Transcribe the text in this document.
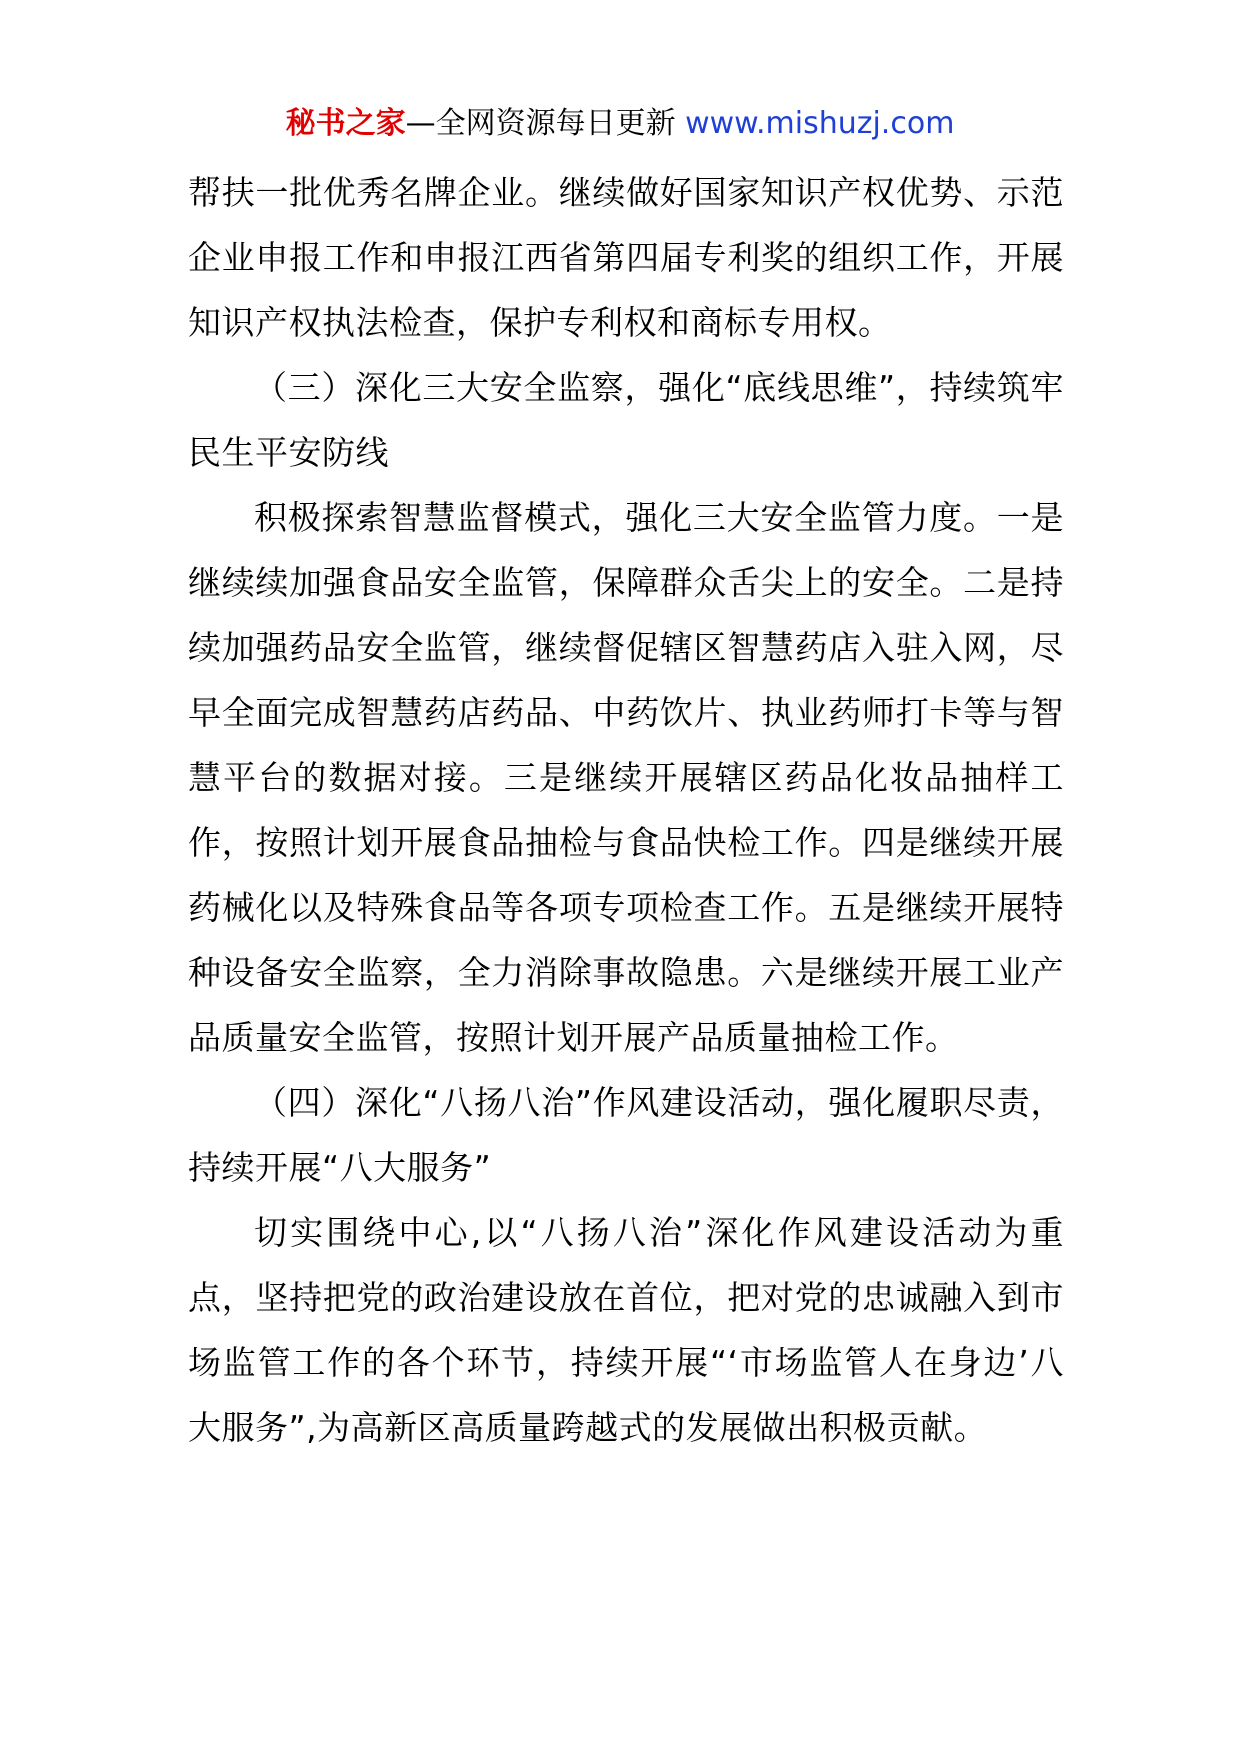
秘书之家—全网资源每日更新 www.mishuzj.com

帮扶一批优秀名牌企业。继续做好国家知识产权优势、示范企业申报工作和申报江西省第四届专利奖的组织工作，开展知识产权执法检查，保护专利权和商标专用权。

（三）深化三大安全监察，强化“底线思维”，持续筑牢民生平安防线

积极探索智慧监督模式，强化三大安全监管力度。一是继续续加强食品安全监管，保障群众舌尖上的安全。二是持续加强药品安全监管，继续督促辖区智慧药店入驻入网，尽早全面完成智慧药店药品、中药饮片、执业药师打卡等与智慧平台的数据对接。三是继续开展辖区药品化妆品抽样工作，按照计划开展食品抽检与食品快检工作。四是继续开展药械化以及特殊食品等各项专项检查工作。五是继续开展特种设备安全监察，全力消除事故隐患。六是继续开展工业产品质量安全监管，按照计划开展产品质量抽检工作。

（四）深化“八扬八治”作风建设活动，强化履职尽责，持续开展“八大服务”

切实围绕中心,以“八扬八治”深化作风建设活动为重点，坚持把党的政治建设放在首位，把对党的忠诚融入到市场监管工作的各个环节，持续开展“‘市场监管人在身边’八大服务”,为高新区高质量跨越式的发展做出积极贡献。
